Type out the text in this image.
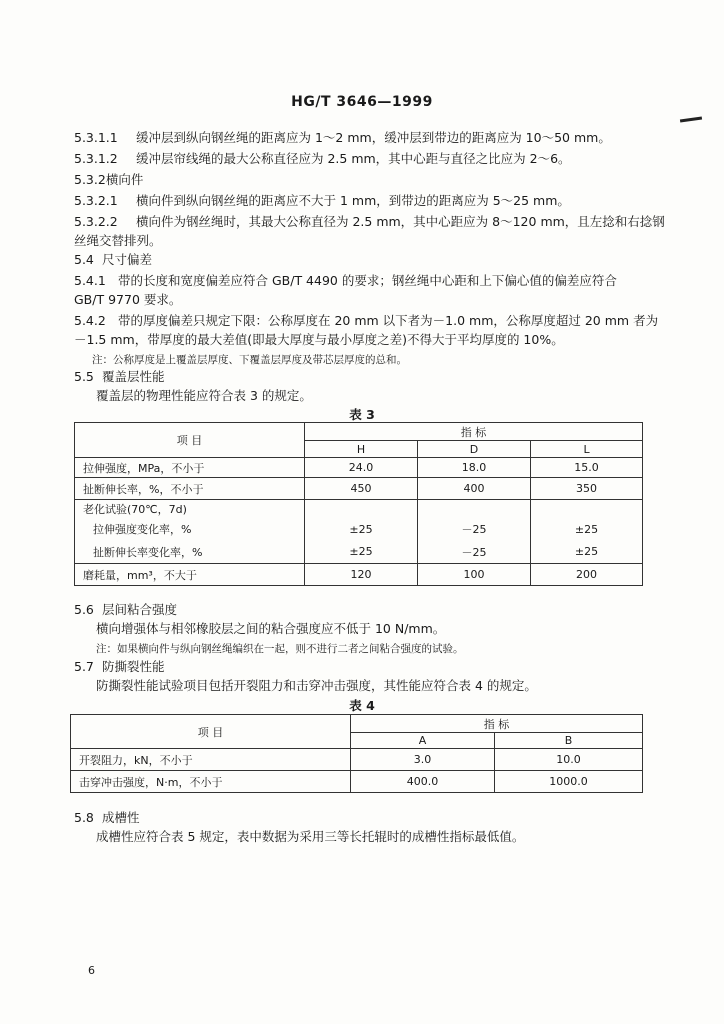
HG/T 3646—1999
5.3.1.1 缓冲层到纵向钢丝绳的距离应为 1～2 mm，缓冲层到带边的距离应为 10～50 mm。
5.3.1.2 缓冲层帘线绳的最大公称直径应为 2.5 mm，其中心距与直径之比应为 2～6。
5.3.2横向件
5.3.2.1 横向件到纵向钢丝绳的距离应不大于 1 mm，到带边的距离应为 5～25 mm。
5.3.2.2 横向件为钢丝绳时，其最大公称直径为 2.5 mm，其中心距应为 8～120 mm，且左捻和右捻钢
丝绳交替排列。
5.4 尺寸偏差
5.4.1 带的长度和宽度偏差应符合 GB/T 4490 的要求；钢丝绳中心距和上下偏心值的偏差应符合
GB/T 9770 要求。
5.4.2 带的厚度偏差只规定下限：公称厚度在 20 mm 以下者为－1.0 mm，公称厚度超过 20 mm 者为
－1.5 mm，带厚度的最大差值(即最大厚度与最小厚度之差)不得大于平均厚度的 10%。
注：公称厚度是上覆盖层厚度、下覆盖层厚度及带芯层厚度的总和。
5.5 覆盖层性能
覆盖层的物理性能应符合表 3 的规定。
表 3
项 目	指 标		
	H	D	L
拉伸强度，MPa，不小于	24.0	18.0	15.0
扯断伸长率，%，不小于	450	400	350
老化试验(70℃，7d)			
拉伸强度变化率，%	±25	－25	±25
扯断伸长率变化率，%	±25	－25	±25
磨耗量，mm³，不大于	120	100	200
5.6 层间粘合强度
横向增强体与相邻橡胶层之间的粘合强度应不低于 10 N/mm。
注：如果横向件与纵向钢丝绳编织在一起，则不进行二者之间粘合强度的试验。
5.7 防撕裂性能
防撕裂性能试验项目包括开裂阻力和击穿冲击强度，其性能应符合表 4 的规定。
表 4
项 目	指 标	
	A	B
开裂阻力，kN，不小于	3.0	10.0
击穿冲击强度，N·m，不小于	400.0	1000.0
5.8 成槽性
成槽性应符合表 5 规定，表中数据为采用三等长托辊时的成槽性指标最低值。
6
